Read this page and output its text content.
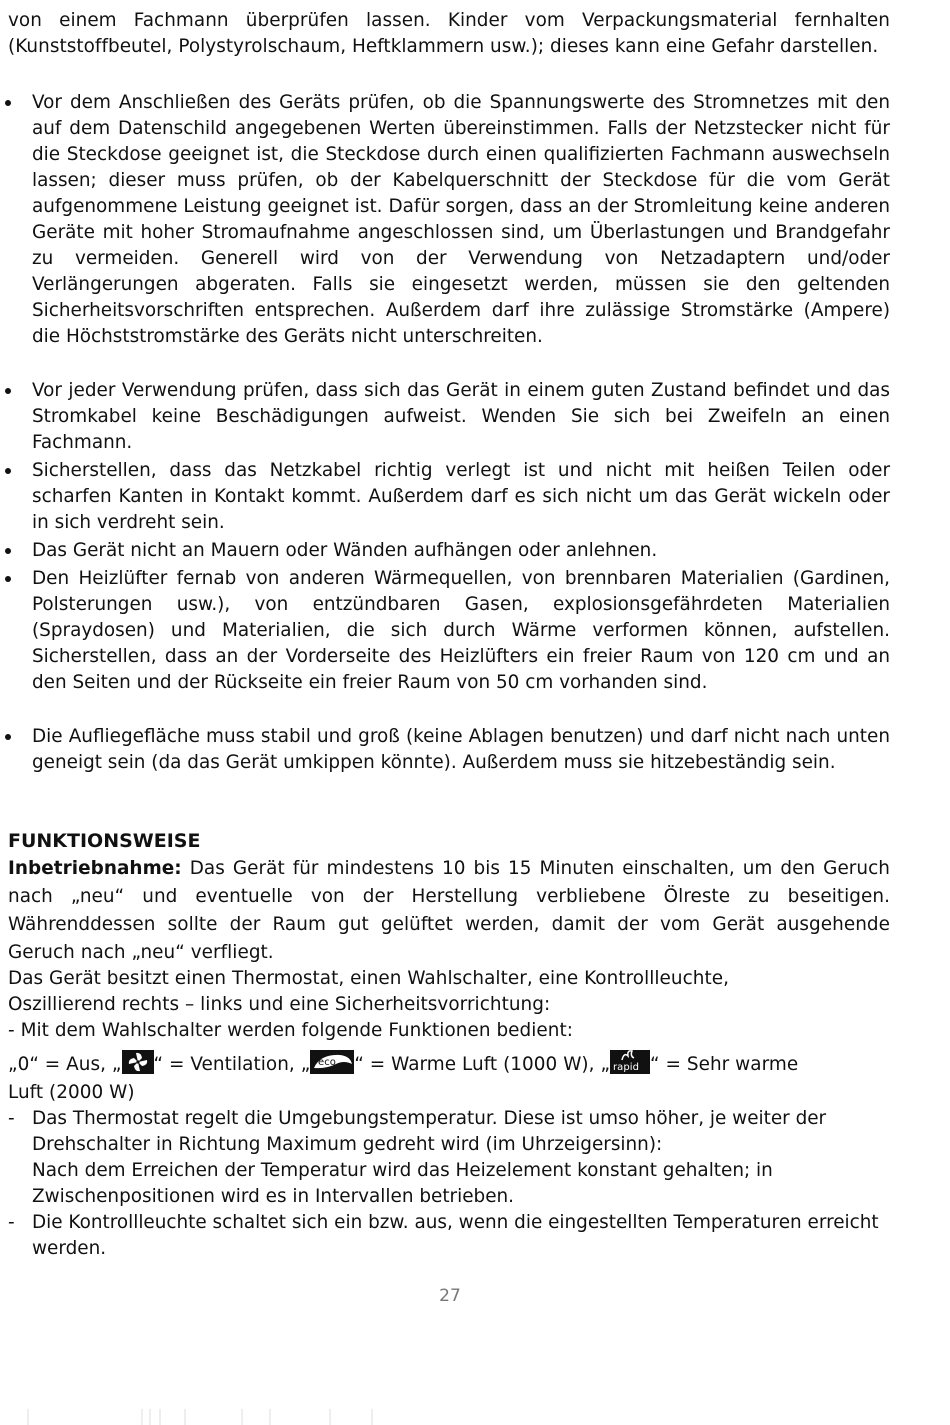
von einem Fachmann überprüfen lassen. Kinder vom Verpackungsmaterial fernhalten (Kunststoffbeutel, Polystyrolschaum, Heftklammern usw.); dieses kann eine Gefahr darstellen.
Vor dem Anschließen des Geräts prüfen, ob die Spannungswerte des Stromnetzes mit den auf dem Datenschild angegebenen Werten übereinstimmen. Falls der Netzstecker nicht für die Steckdose geeignet ist, die Steckdose durch einen qualifizierten Fachmann auswechseln lassen; dieser muss prüfen, ob der Kabelquerschnitt der Steckdose für die vom Gerät aufgenommene Leistung geeignet ist. Dafür sorgen, dass an der Stromleitung keine anderen Geräte mit hoher Stromaufnahme angeschlossen sind, um Überlastungen und Brandgefahr zu vermeiden. Generell wird von der Verwendung von Netzadaptern und/oder Verlängerungen abgeraten. Falls sie eingesetzt werden, müssen sie den geltenden Sicherheitsvorschriften entsprechen. Außerdem darf ihre zulässige Stromstärke (Ampere) die Höchststromstärke des Geräts nicht unterschreiten.
Vor jeder Verwendung prüfen, dass sich das Gerät in einem guten Zustand befindet und das Stromkabel keine Beschädigungen aufweist. Wenden Sie sich bei Zweifeln an einen Fachmann.
Sicherstellen, dass das Netzkabel richtig verlegt ist und nicht mit heißen Teilen oder scharfen Kanten in Kontakt kommt. Außerdem darf es sich nicht um das Gerät wickeln oder in sich verdreht sein.
Das Gerät nicht an Mauern oder Wänden aufhängen oder anlehnen.
Den Heizlüfter fernab von anderen Wärmequellen, von brennbaren Materialien (Gardinen, Polsterungen usw.), von entzündbaren Gasen, explosionsgefährdeten Materialien (Spraydosen) und Materialien, die sich durch Wärme verformen können, aufstellen. Sicherstellen, dass an der Vorderseite des Heizlüfters ein freier Raum von 120 cm und an den Seiten und der Rückseite ein freier Raum von 50 cm vorhanden sind.
Die Aufliegefläche muss stabil und groß (keine Ablagen benutzen) und darf nicht nach unten geneigt sein (da das Gerät umkippen könnte). Außerdem muss sie hitzebeständig sein.
FUNKTIONSWEISE
Inbetriebnahme: Das Gerät für mindestens 10 bis 15 Minuten einschalten, um den Geruch nach „neu“ und eventuelle von der Herstellung verbliebene Ölreste zu beseitigen. Währenddessen sollte der Raum gut gelüftet werden, damit der vom Gerät ausgehende Geruch nach „neu“ verfliegt.
Das Gerät besitzt einen Thermostat, einen Wahlschalter, eine Kontrollleuchte,
Oszillierend rechts – links und eine Sicherheitsvorrichtung:
- Mit dem Wahlschalter werden folgende Funktionen bedient:
„0“ = Aus, „ “ = Ventilation, „ eco “ = Warme Luft (1000 W), „ rapid “ = Sehr warme
Luft (2000 W)
- Das Thermostat regelt die Umgebungstemperatur. Diese ist umso höher, je weiter der Drehschalter in Richtung Maximum gedreht wird (im Uhrzeigersinn):
Nach dem Erreichen der Temperatur wird das Heizelement konstant gehalten; in Zwischenpositionen wird es in Intervallen betrieben.
- Die Kontrollleuchte schaltet sich ein bzw. aus, wenn die eingestellten Temperaturen erreicht werden.
27
